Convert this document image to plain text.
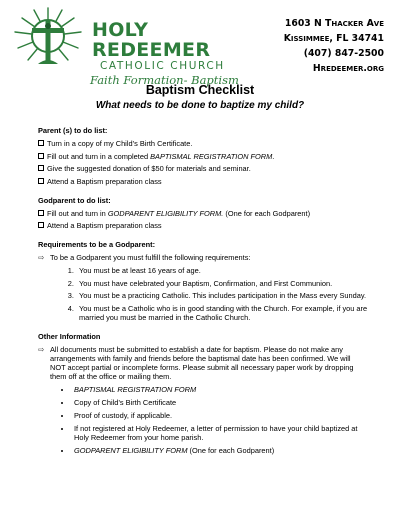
HOLY REDEEMER
CATHOLIC CHURCH
Faith Formation- Baptism
1603 N Thacker Ave
Kissimmee, FL 34741
(407) 847-2500
Hredeemer.org
Baptism Checklist
What needs to be done to baptize my child?
Parent (s) to do list:
Turn in a copy of my Child’s Birth Certificate.
Fill out and turn in a completed BAPTISMAL REGISTRATION FORM.
Give the suggested donation of $50 for materials and seminar.
Attend a Baptism preparation class
Godparent to do list:
Fill out and turn in GODPARENT ELIGIBILITY FORM. (One for each Godparent)
Attend a Baptism preparation class
Requirements to be a Godparent:
⇨ To be a Godparent you must fulfill the following requirements:
1. You must be at least 16 years of age.
2. You must have celebrated your Baptism, Confirmation, and First Communion.
3. You must be a practicing Catholic. This includes participation in the Mass every Sunday.
4. You must be a Catholic who is in good standing with the Church. For example, if you are married you must be married in the Catholic Church.
Other Information
⇨ All documents must be submitted to establish a date for baptism. Please do not make any arrangements with family and friends before the baptismal date has been confirmed. We will NOT accept partial or incomplete forms. Please submit all necessary paper work by dropping them off at the office or mailing them.
• BAPTISMAL REGISTRATION FORM
• Copy of Child’s Birth Certificate
• Proof of custody, if applicable.
• If not registered at Holy Redeemer, a letter of permission to have your child baptized at Holy Redeemer from your home parish.
• GODPARENT ELIGIBILITY FORM (One for each Godparent)
